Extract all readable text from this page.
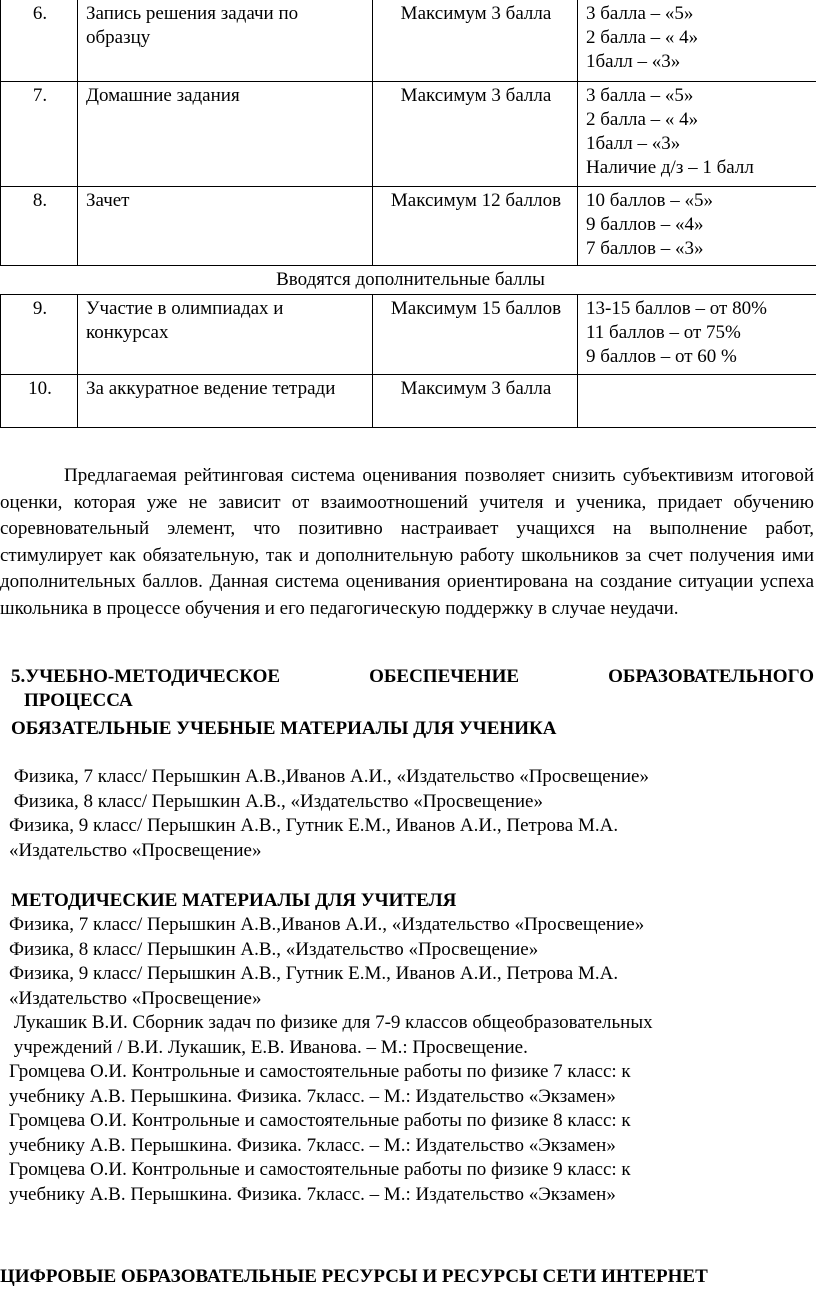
6.	Запись решения задачи по образцу	Максимум 3 балла	3 балла – «5»
2 балла – « 4»
1балл – «3»

7.	Домашние задания	Максимум 3 балла	3 балла – «5»
2 балла – « 4»
1балл – «3»
Наличие д/з – 1 балл

8.	Зачет	Максимум 12 баллов	10 баллов – «5»
9 баллов – «4»
7 баллов – «3»

Вводятся дополнительные баллы			
9.	Участие в олимпиадах и конкурсах	Максимум 15 баллов	13-15 баллов – от 80%
11 баллов – от 75%
9 баллов – от 60 %

10.	За аккуратное ведение тетради	Максимум 3 балла	

Предлагаемая рейтинговая система оценивания позволяет снизить субъективизм итоговой оценки, которая уже не зависит от взаимоотношений учителя и ученика, придает обучению соревновательный элемент, что позитивно настраивает учащихся на выполнение работ, стимулирует как обязательную, так и дополнительную работу школьников за счет получения ими дополнительных баллов. Данная система оценивания ориентирована на создание ситуации успеха школьника в процессе обучения и его педагогическую поддержку в случае неудачи.

5.УЧЕБНО-МЕТОДИЧЕСКОЕ	ОБЕСПЕЧЕНИЕ	ОБРАЗОВАТЕЛЬНОГО
ПРОЦЕССА
ОБЯЗАТЕЛЬНЫЕ УЧЕБНЫЕ МАТЕРИАЛЫ ДЛЯ УЧЕНИКА
Физика, 7 класс/ Перышкин А.В.,Иванов А.И., «Издательство «Просвещение»
Физика, 8 класс/ Перышкин А.В., «Издательство «Просвещение»
Физика, 9 класс/ Перышкин А.В., Гутник Е.М., Иванов А.И., Петрова М.А.
«Издательство «Просвещение»
МЕТОДИЧЕСКИЕ МАТЕРИАЛЫ ДЛЯ УЧИТЕЛЯ
Физика, 7 класс/ Перышкин А.В.,Иванов А.И., «Издательство «Просвещение»
Физика, 8 класс/ Перышкин А.В., «Издательство «Просвещение»
Физика, 9 класс/ Перышкин А.В., Гутник Е.М., Иванов А.И., Петрова М.А.
«Издательство «Просвещение»
Лукашик В.И. Сборник задач по физике для 7-9 классов общеобразовательных
учреждений / В.И. Лукашик, Е.В. Иванова. – М.: Просвещение.
Громцева О.И. Контрольные и самостоятельные работы по физике 7 класс: к
учебнику А.В. Перышкина. Физика. 7класс. – М.: Издательство «Экзамен»
Громцева О.И. Контрольные и самостоятельные работы по физике 8 класс: к
учебнику А.В. Перышкина. Физика. 7класс. – М.: Издательство «Экзамен»
Громцева О.И. Контрольные и самостоятельные работы по физике 9 класс: к
учебнику А.В. Перышкина. Физика. 7класс. – М.: Издательство «Экзамен»
ЦИФРОВЫЕ ОБРАЗОВАТЕЛЬНЫЕ РЕСУРСЫ И РЕСУРСЫ СЕТИ ИНТЕРНЕТ
